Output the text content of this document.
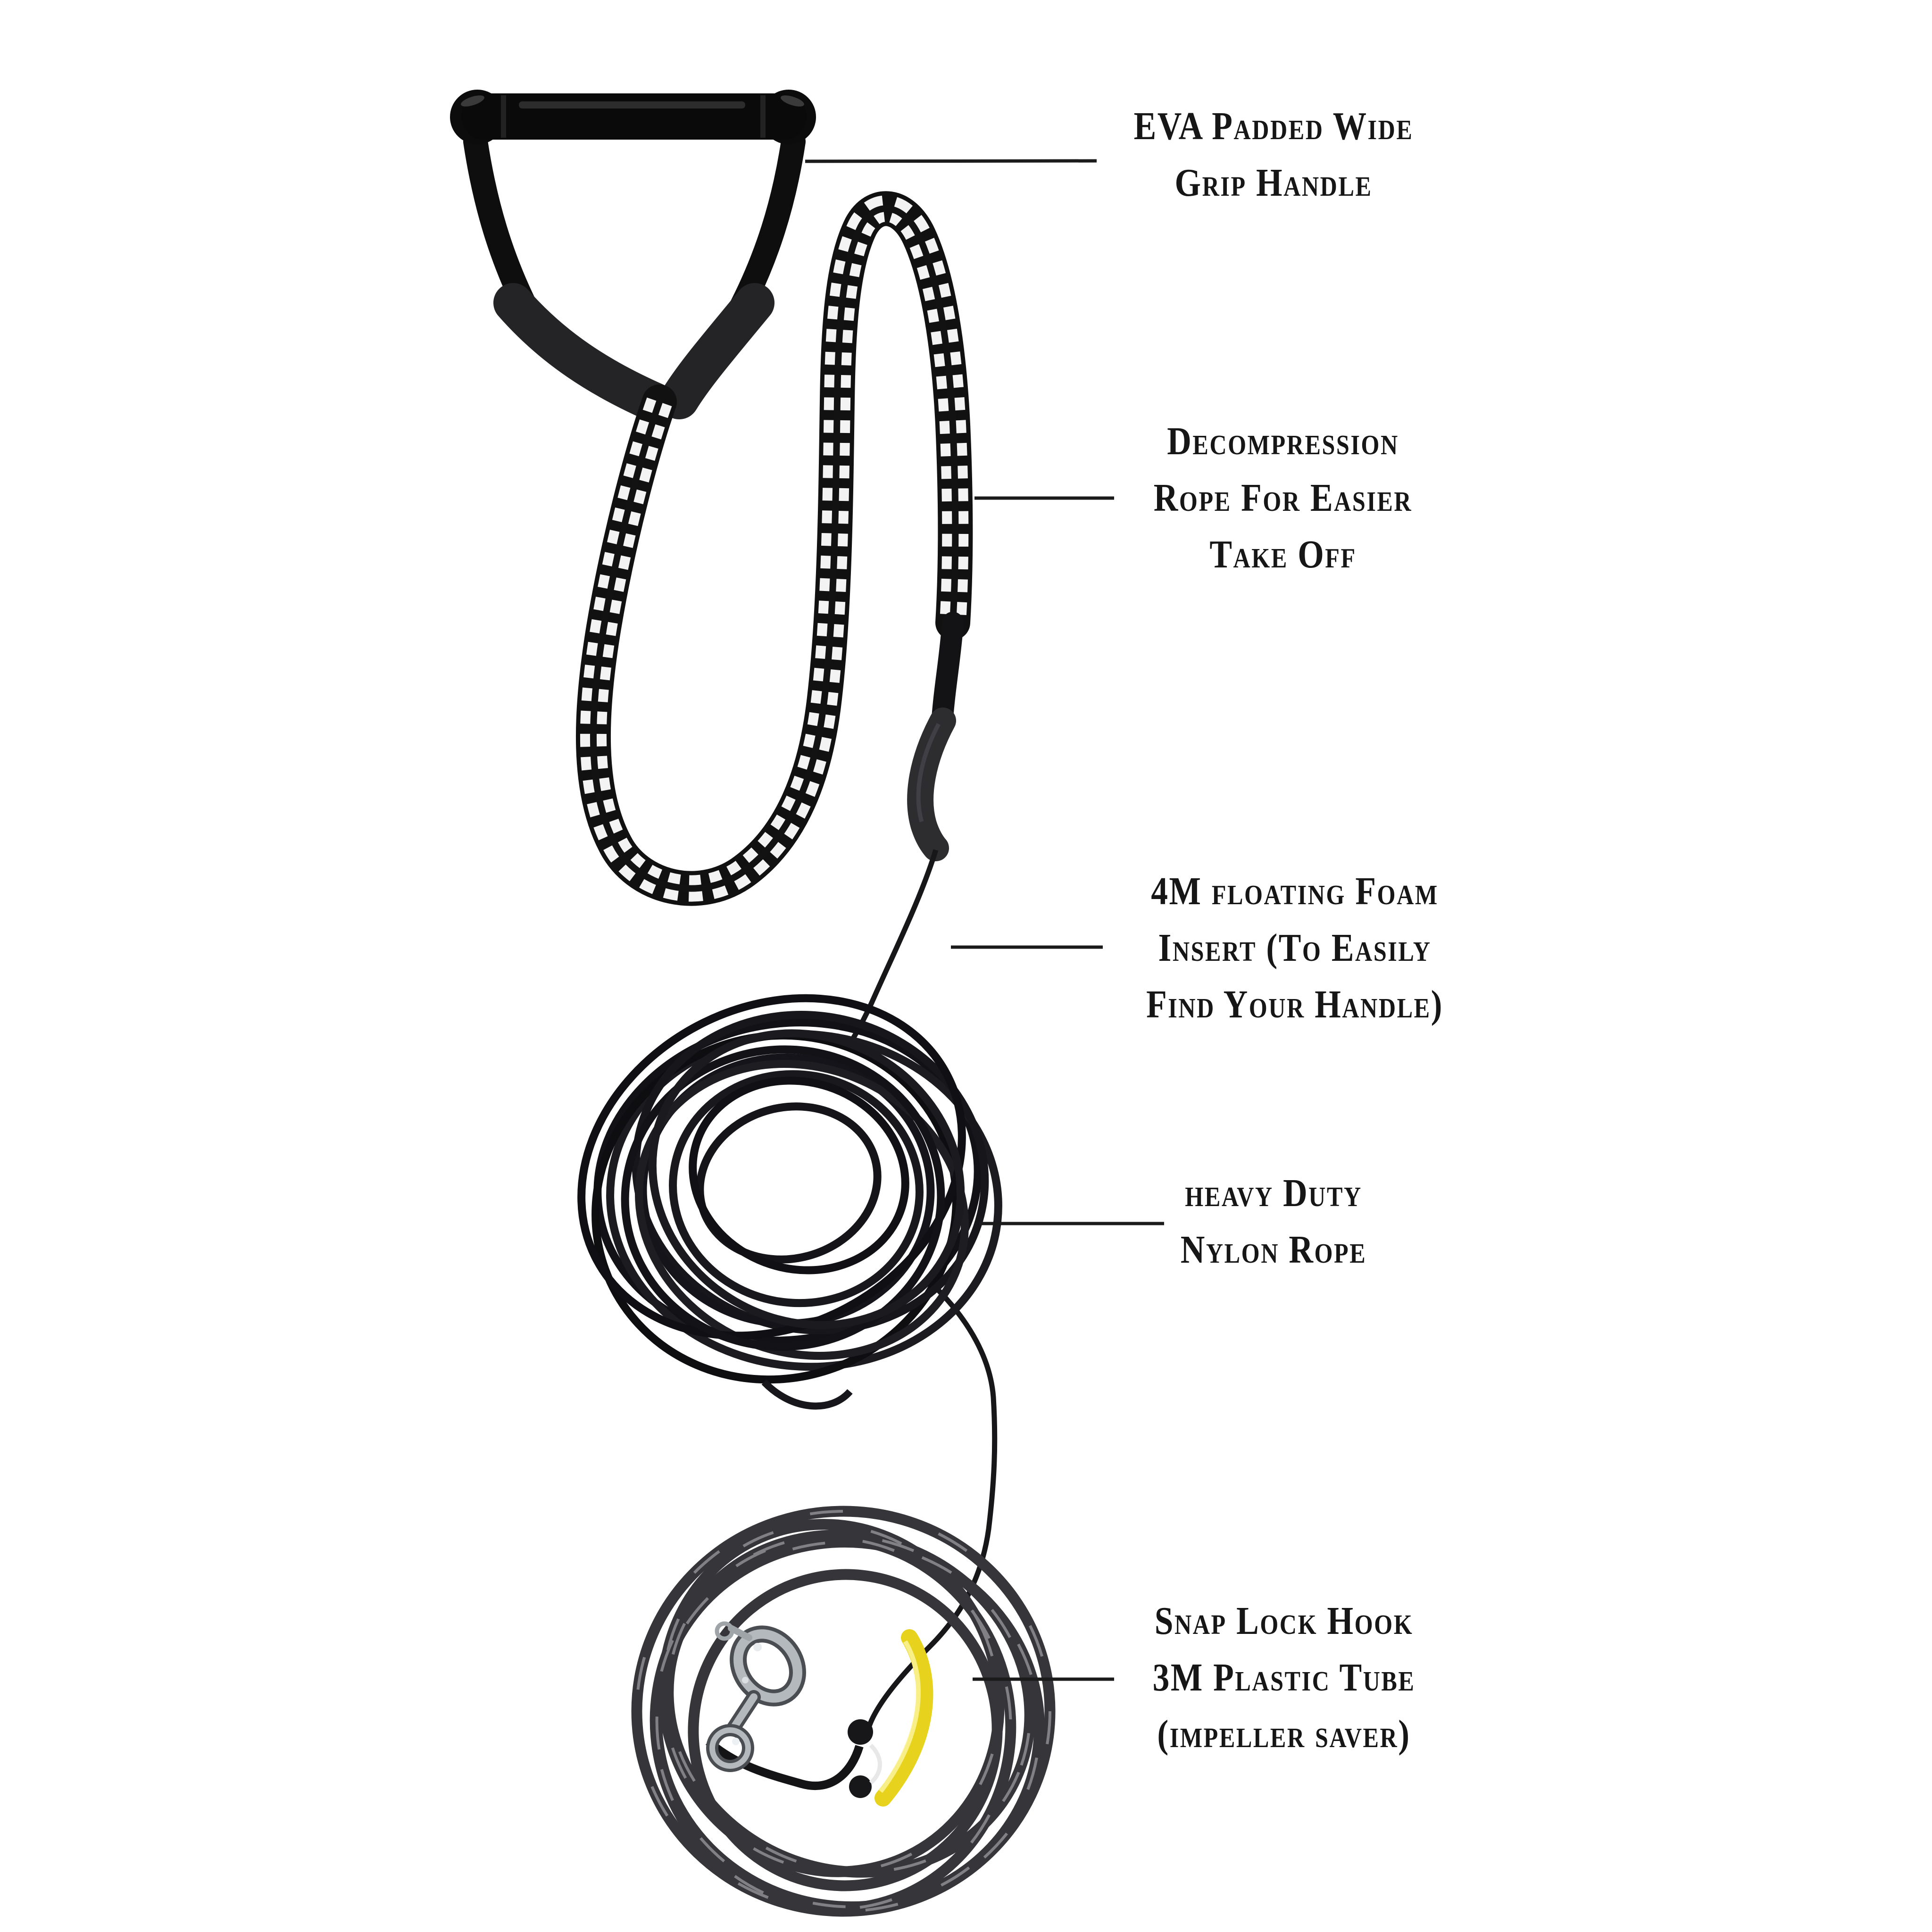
EVA Padded Wide
Grip Handle
Decompression
Rope For Easier
Take Off
4M floating Foam
Insert (To Easily
Find Your Handle)
heavy Duty
Nylon Rope
Snap Lock Hook
3M Plastic Tube
(impeller saver)
